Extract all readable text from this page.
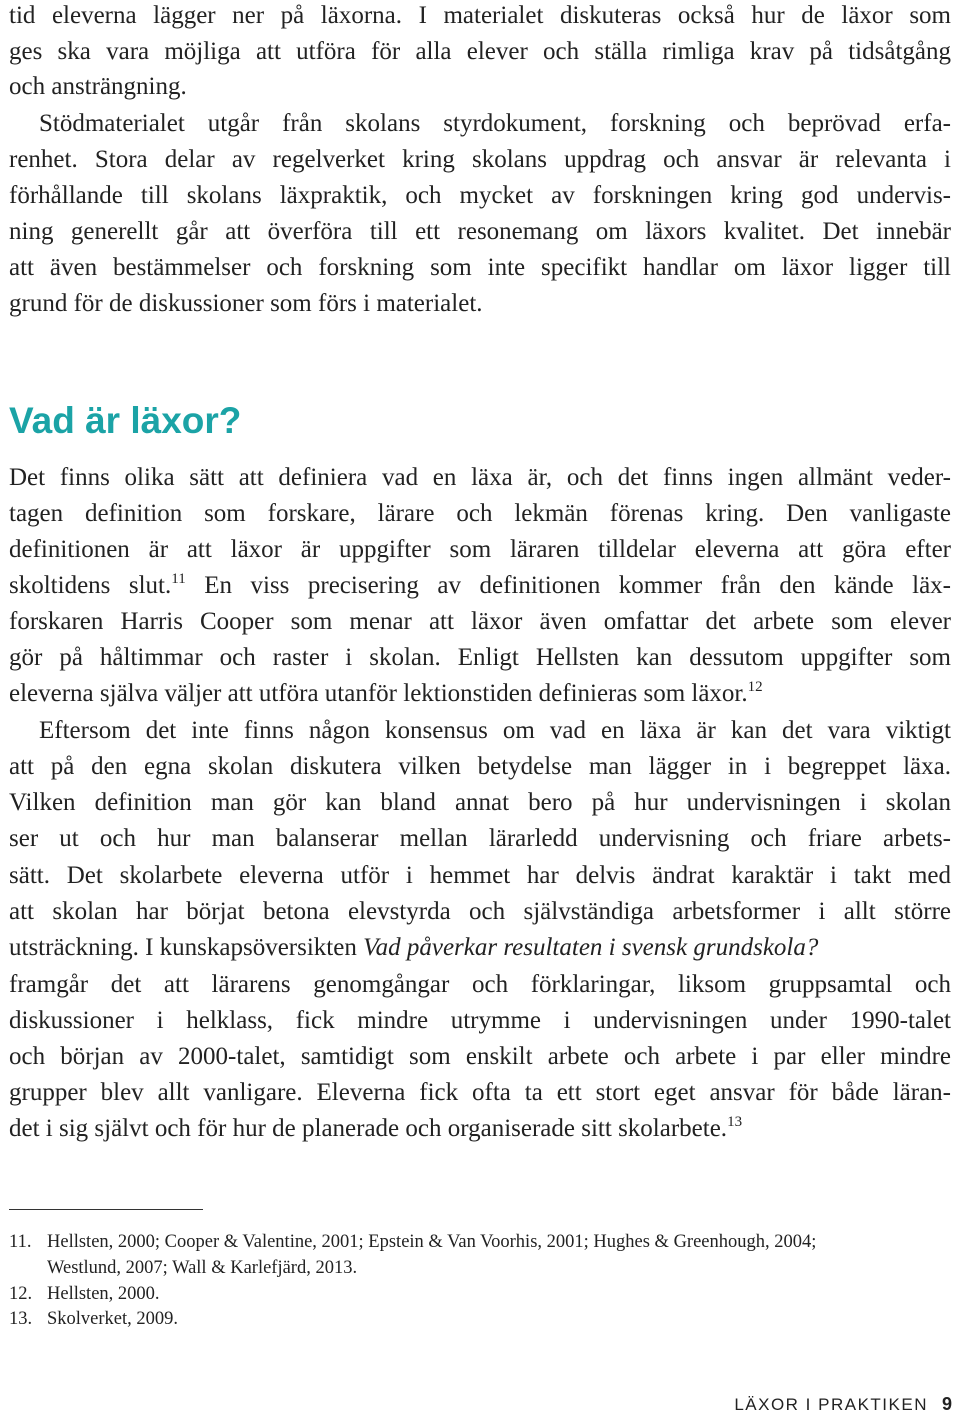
tid eleverna lägger ner på läxorna. I materialet diskuteras också hur de läxor som
ges ska vara möjliga att utföra för alla elever och ställa rimliga krav på tidsåtgång
och ansträngning.
Stödmaterialet utgår från skolans styrdokument, forskning och beprövad erfa-
renhet. Stora delar av regelverket kring skolans uppdrag och ansvar är relevanta i
förhållande till skolans läxpraktik, och mycket av forskningen kring god undervis-
ning generellt går att överföra till ett resonemang om läxors kvalitet. Det innebär
att även bestämmelser och forskning som inte specifikt handlar om läxor ligger till
grund för de diskussioner som förs i materialet.
Vad är läxor?
Det finns olika sätt att definiera vad en läxa är, och det finns ingen allmänt veder-
tagen definition som forskare, lärare och lekmän förenas kring. Den vanligaste
definitionen är att läxor är uppgifter som läraren tilldelar eleverna att göra efter
skoltidens slut.$^{11}$ En viss precisering av definitionen kommer från den kände läx-
forskaren Harris Cooper som menar att läxor även omfattar det arbete som elever
gör på håltimmar och raster i skolan. Enligt Hellsten kan dessutom uppgifter som
eleverna själva väljer att utföra utanför lektionstiden definieras som läxor.$^{12}$
Eftersom det inte finns någon konsensus om vad en läxa är kan det vara viktigt
att på den egna skolan diskutera vilken betydelse man lägger in i begreppet läxa.
Vilken definition man gör kan bland annat bero på hur undervisningen i skolan
ser ut och hur man balanserar mellan lärarledd undervisning och friare arbets-
sätt. Det skolarbete eleverna utför i hemmet har delvis ändrat karaktär i takt med
att skolan har börjat betona elevstyrda och självständiga arbetsformer i allt större
utsträckning. I kunskapsöversikten Vad påverkar resultaten i svensk grundskola?
framgår det att lärarens genomgångar och förklaringar, liksom gruppsamtal och
diskussioner i helklass, fick mindre utrymme i undervisningen under 1990-talet
och början av 2000-talet, samtidigt som enskilt arbete och arbete i par eller mindre
grupper blev allt vanligare. Eleverna fick ofta ta ett stort eget ansvar för både läran-
det i sig självt och för hur de planerade och organiserade sitt skolarbete.$^{13}$
11. Hellsten, 2000; Cooper & Valentine, 2001; Epstein & Van Voorhis, 2001; Hughes & Greenhough, 2004;
Westlund, 2007; Wall & Karlefjärd, 2013.
12. Hellsten, 2000.
13. Skolverket, 2009.
LÄXOR I PRAKTIKEN 9
